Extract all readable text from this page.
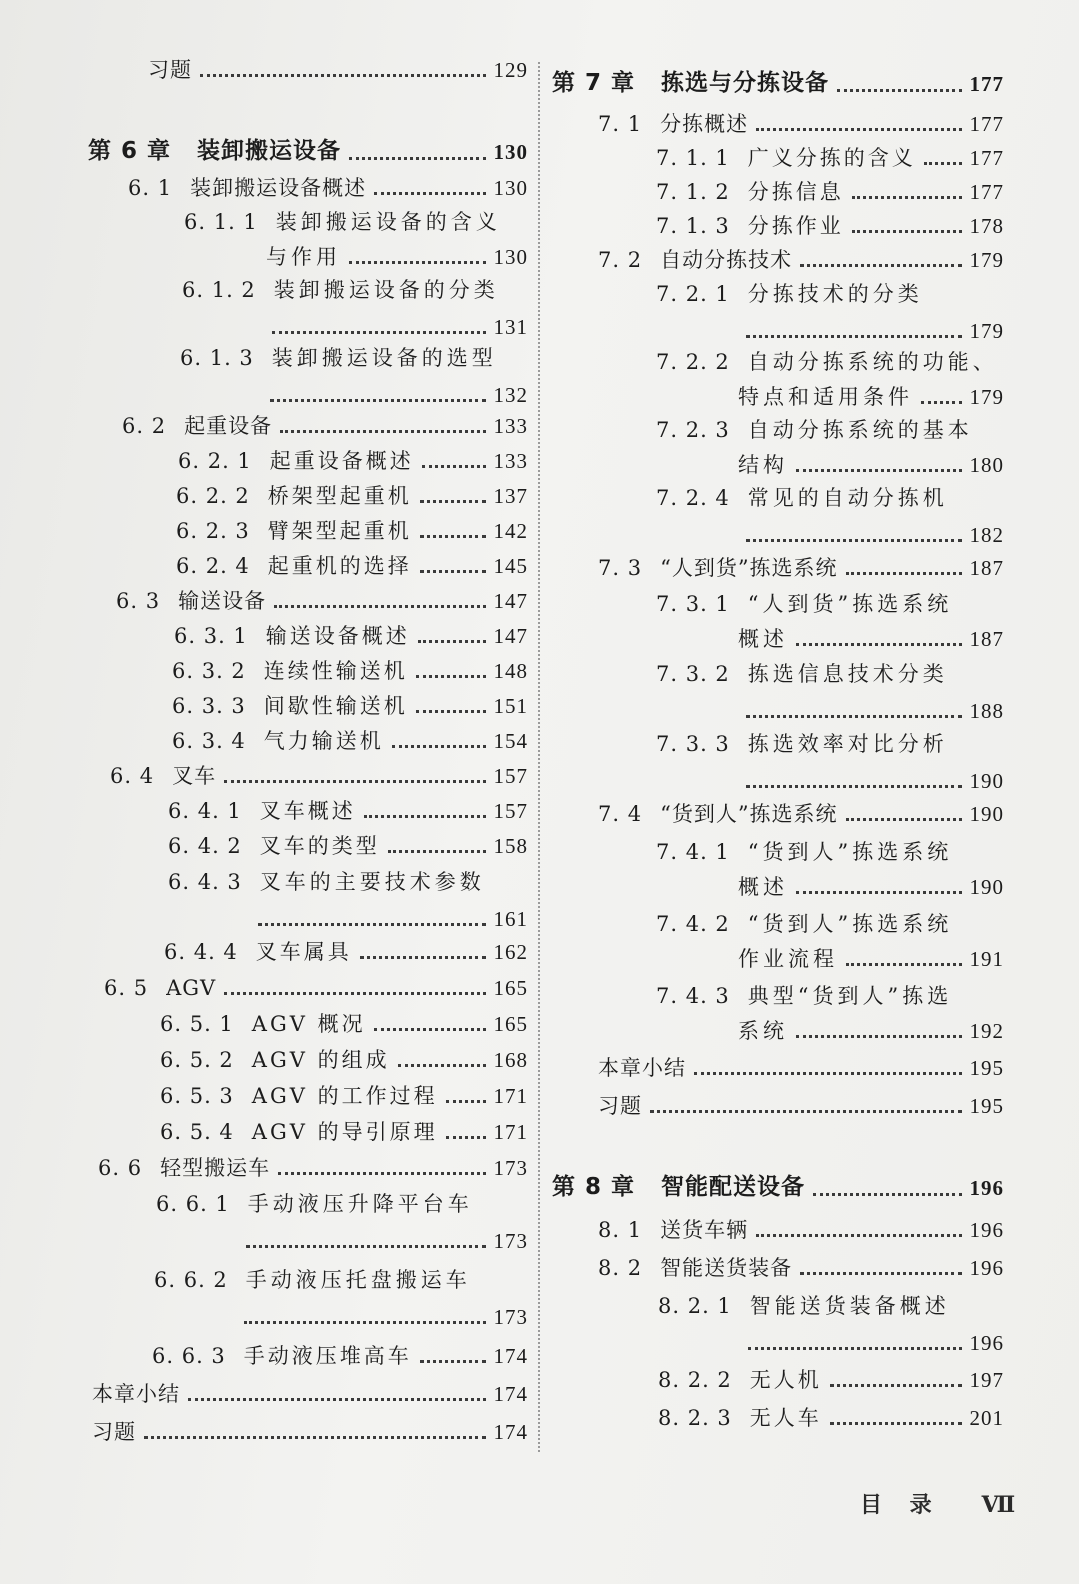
习题	129
第 6 章 装卸搬运设备	130
6. 1 装卸搬运设备概述	130
6. 1. 1 装卸搬运设备的含义
与作用	130
6. 1. 2 装卸搬运设备的分类
131
6. 1. 3 装卸搬运设备的选型
132
6. 2 起重设备	133
6. 2. 1 起重设备概述	133
6. 2. 2 桥架型起重机	137
6. 2. 3 臂架型起重机	142
6. 2. 4 起重机的选择	145
6. 3 输送设备	147
6. 3. 1 输送设备概述	147
6. 3. 2 连续性输送机	148
6. 3. 3 间歇性输送机	151
6. 3. 4 气力输送机	154
6. 4 叉车	157
6. 4. 1 叉车概述	157
6. 4. 2 叉车的类型	158
6. 4. 3 叉车的主要技术参数
161
6. 4. 4 叉车属具	162
6. 5 AGV	165
6. 5. 1 AGV 概况	165
6. 5. 2 AGV 的组成	168
6. 5. 3 AGV 的工作过程	171
6. 5. 4 AGV 的导引原理	171
6. 6 轻型搬运车	173
6. 6. 1 手动液压升降平台车
173
6. 6. 2 手动液压托盘搬运车
173
6. 6. 3 手动液压堆高车	174
本章小结	174
习题	174
第 7 章 拣选与分拣设备	177
7. 1 分拣概述	177
7. 1. 1 广义分拣的含义	177
7. 1. 2 分拣信息	177
7. 1. 3 分拣作业	178
7. 2 自动分拣技术	179
7. 2. 1 分拣技术的分类
179
7. 2. 2 自动分拣系统的功能、
特点和适用条件	179
7. 2. 3 自动分拣系统的基本
结构	180
7. 2. 4 常见的自动分拣机
182
7. 3 “人到货”拣选系统	187
7. 3. 1 “人到货”拣选系统
概述	187
7. 3. 2 拣选信息技术分类
188
7. 3. 3 拣选效率对比分析
190
7. 4 “货到人”拣选系统	190
7. 4. 1 “货到人”拣选系统
概述	190
7. 4. 2 “货到人”拣选系统
作业流程	191
7. 4. 3 典型“货到人”拣选
系统	192
本章小结	195
习题	195
第 8 章 智能配送设备	196
8. 1 送货车辆	196
8. 2 智能送货装备	196
8. 2. 1 智能送货装备概述
196
8. 2. 2 无人机	197
8. 2. 3 无人车	201
目 录 Ⅶ
